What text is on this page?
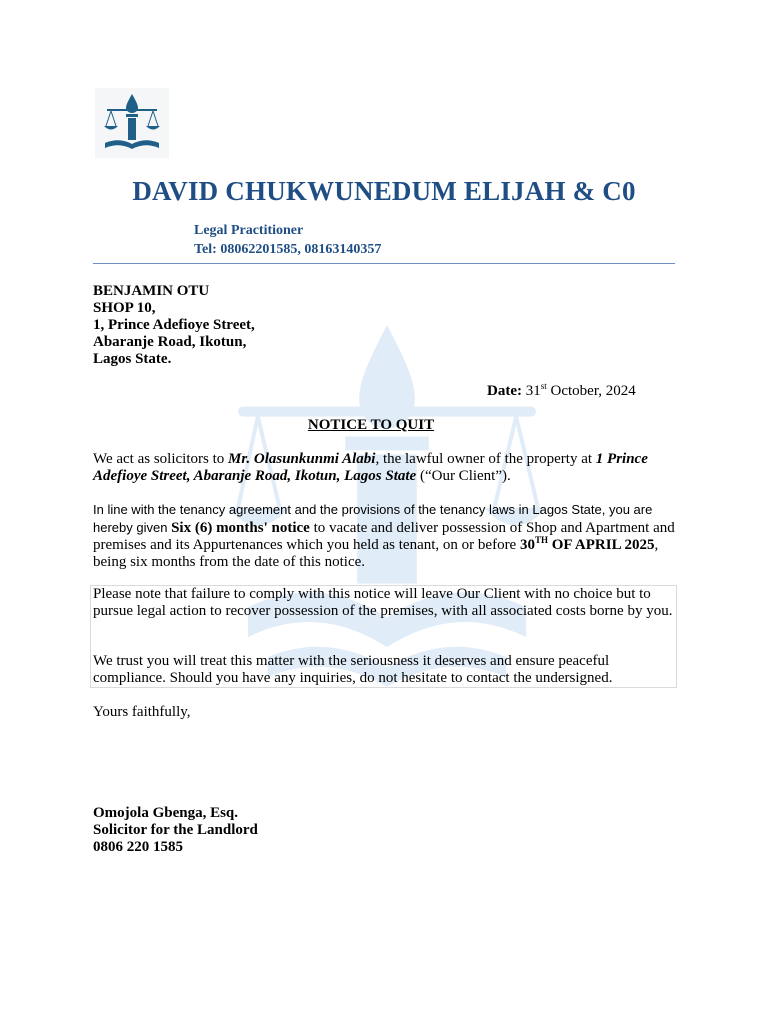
DAVID CHUKWUNEDUM ELIJAH & C0
Legal Practitioner
Tel: 08062201585, 08163140357
BENJAMIN OTU
SHOP 10,
1, Prince Adefioye Street,
Abaranje Road, Ikotun,
Lagos State.
Date: 31st October, 2024
NOTICE TO QUIT
We act as solicitors to Mr. Olasunkunmi Alabi, the lawful owner of the property at 1 Prince Adefioye Street, Abaranje Road, Ikotun, Lagos State (“Our Client”).
In line with the tenancy agreement and the provisions of the tenancy laws in Lagos State, you are hereby given Six (6) months' notice to vacate and deliver possession of Shop and Apartment and premises and its Appurtenances which you held as tenant, on or before 30TH OF APRIL 2025, being six months from the date of this notice.
Please note that failure to comply with this notice will leave Our Client with no choice but to pursue legal action to recover possession of the premises, with all associated costs borne by you.
We trust you will treat this matter with the seriousness it deserves and ensure peaceful compliance. Should you have any inquiries, do not hesitate to contact the undersigned.
Yours faithfully,
Omojola Gbenga, Esq.
Solicitor for the Landlord
0806 220 1585
